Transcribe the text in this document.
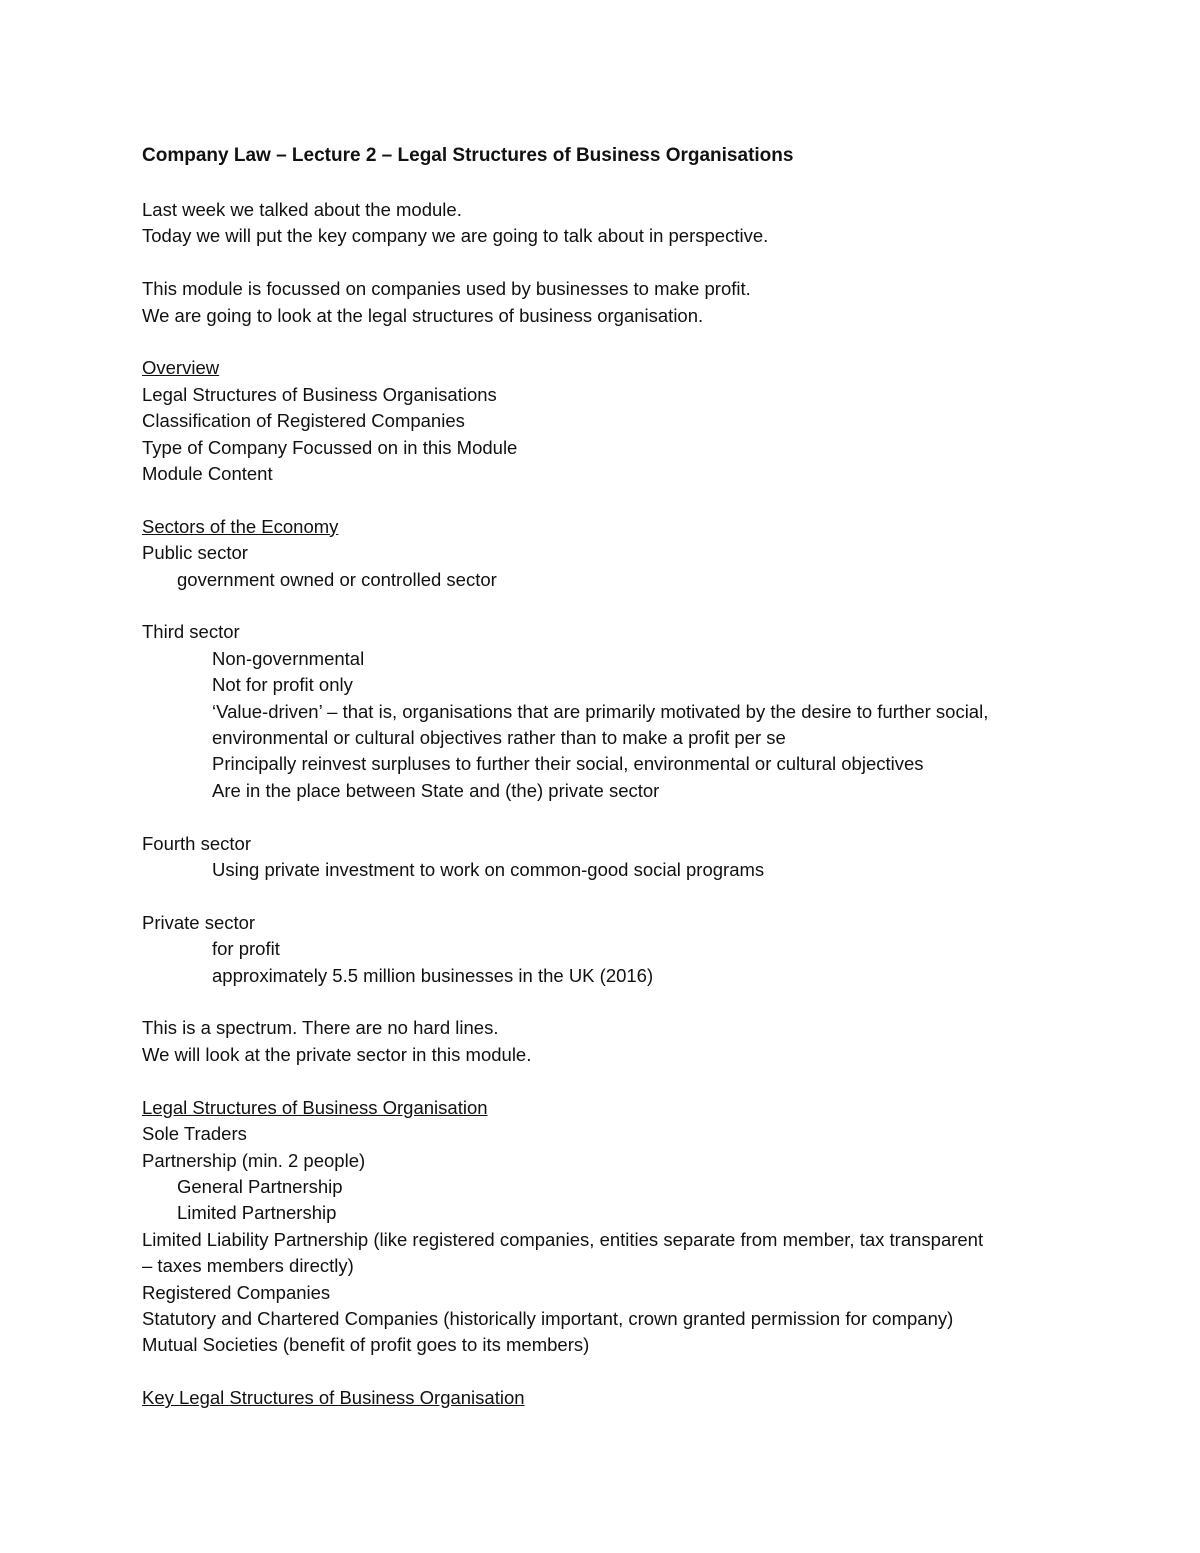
Company Law – Lecture 2 – Legal Structures of Business Organisations

Last week we talked about the module.

Today we will put the key company we are going to talk about in perspective.

This module is focussed on companies used by businesses to make profit.

We are going to look at the legal structures of business organisation.

Overview

Legal Structures of Business Organisations

Classification of Registered Companies

Type of Company Focussed on in this Module

Module Content

Sectors of the Economy

Public sector

government owned or controlled sector

Third sector

Non-governmental

Not for profit only

‘Value-driven’ – that is, organisations that are primarily motivated by the desire to further social,

environmental or cultural objectives rather than to make a profit per se

Principally reinvest surpluses to further their social, environmental or cultural objectives

Are in the place between State and (the) private sector

Fourth sector

Using private investment to work on common-good social programs

Private sector

for profit

approximately 5.5 million businesses in the UK (2016)

This is a spectrum. There are no hard lines.

We will look at the private sector in this module.

Legal Structures of Business Organisation

Sole Traders

Partnership (min. 2 people)

General Partnership

Limited Partnership

Limited Liability Partnership (like registered companies, entities separate from member, tax transparent

– taxes members directly)

Registered Companies

Statutory and Chartered Companies (historically important, crown granted permission for company)

Mutual Societies (benefit of profit goes to its members)

Key Legal Structures of Business Organisation
